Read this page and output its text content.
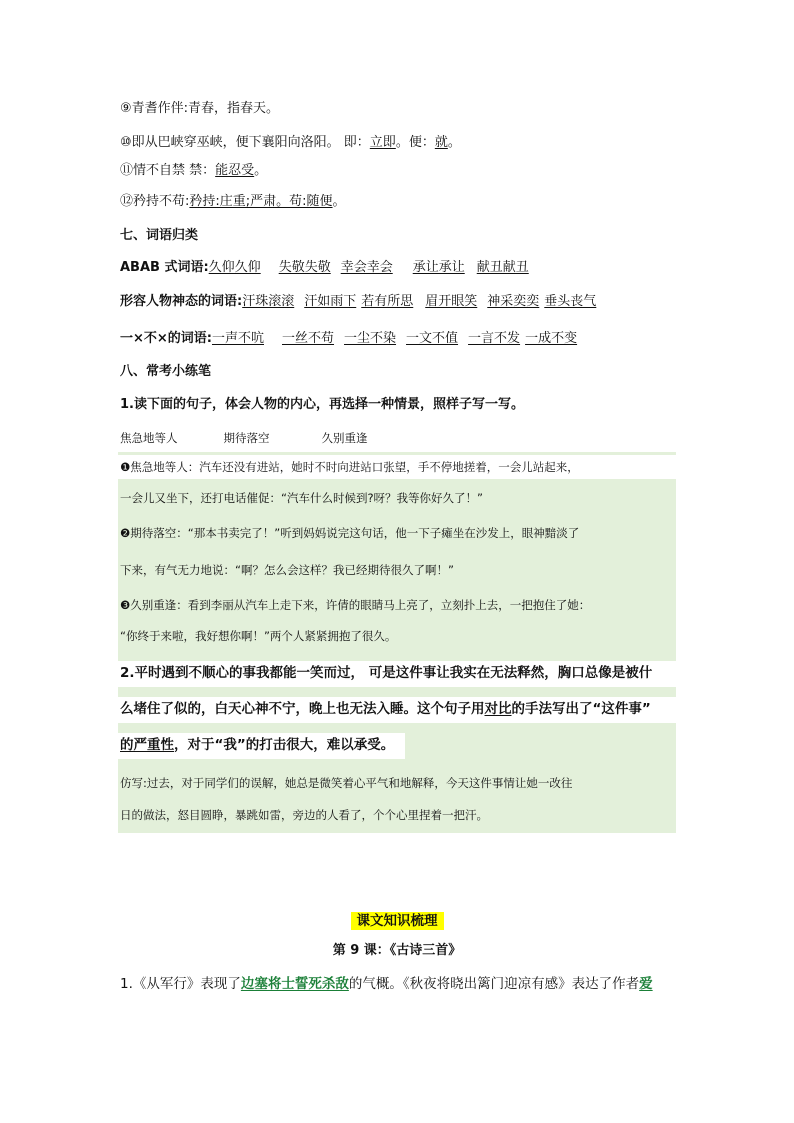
⑨青耆作伴:青春，指春天。
⑩即从巴峡穿巫峡，便下襄阳向洛阳。 即：立即。便：就。
⑪情不自禁 禁：能忍受。
⑫矜持不苟:矜持:庄重;严肃。苟:随便。
七、词语归类
ABAB 式词语:久仰久仰 失敬失敬 幸会幸会 承让承让 献丑献丑
形容人物神态的词语:汗珠滚滚 汗如雨下 若有所思 眉开眼笑 神采奕奕 垂头丧气
一×不×的词语:一声不吭 一丝不苟 一尘不染 一文不值 一言不发 一成不变
八、常考小练笔
1.读下面的句子，体会人物的内心，再选择一种情景，照样子写一写。
焦急地等人	期待落空	久别重逢
❶焦急地等人：汽车还没有进站，她时不时向进站口张望，手不停地搓着，一会儿站起来，
一会儿又坐下，还打电话催促：“汽车什么时候到?呀？我等你好久了！”
❷期待落空：“那本书卖完了！”听到妈妈说完这句话，他一下子瘫坐在沙发上，眼神黯淡了
下来，有气无力地说：“啊？怎么会这样？我已经期待很久了啊！”
❸久别重逢：看到李丽从汽车上走下来，许倩的眼睛马上亮了，立刻扑上去，一把抱住了她：
“你终于来啦，我好想你啊！”两个人紧紧拥抱了很久。
2.平时遇到不顺心的事我都能一笑而过， 可是这件事让我实在无法释然，胸口总像是被什
么堵住了似的，白天心神不宁，晚上也无法入睡。这个句子用对比的手法写出了“这件事”
的严重性，对于“我”的打击很大，难以承受。
仿写:过去，对于同学们的误解，她总是微笑着心平气和地解释，今天这件事情让她一改往
日的做法，怒目圆睁，暴跳如雷，旁边的人看了，个个心里捏着一把汗。
课文知识梳理
第 9 课：《古诗三首》
1.《从军行》表现了边塞将士誓死杀敌的气概。《秋夜将晓出篱门迎凉有感》表达了作者爱
